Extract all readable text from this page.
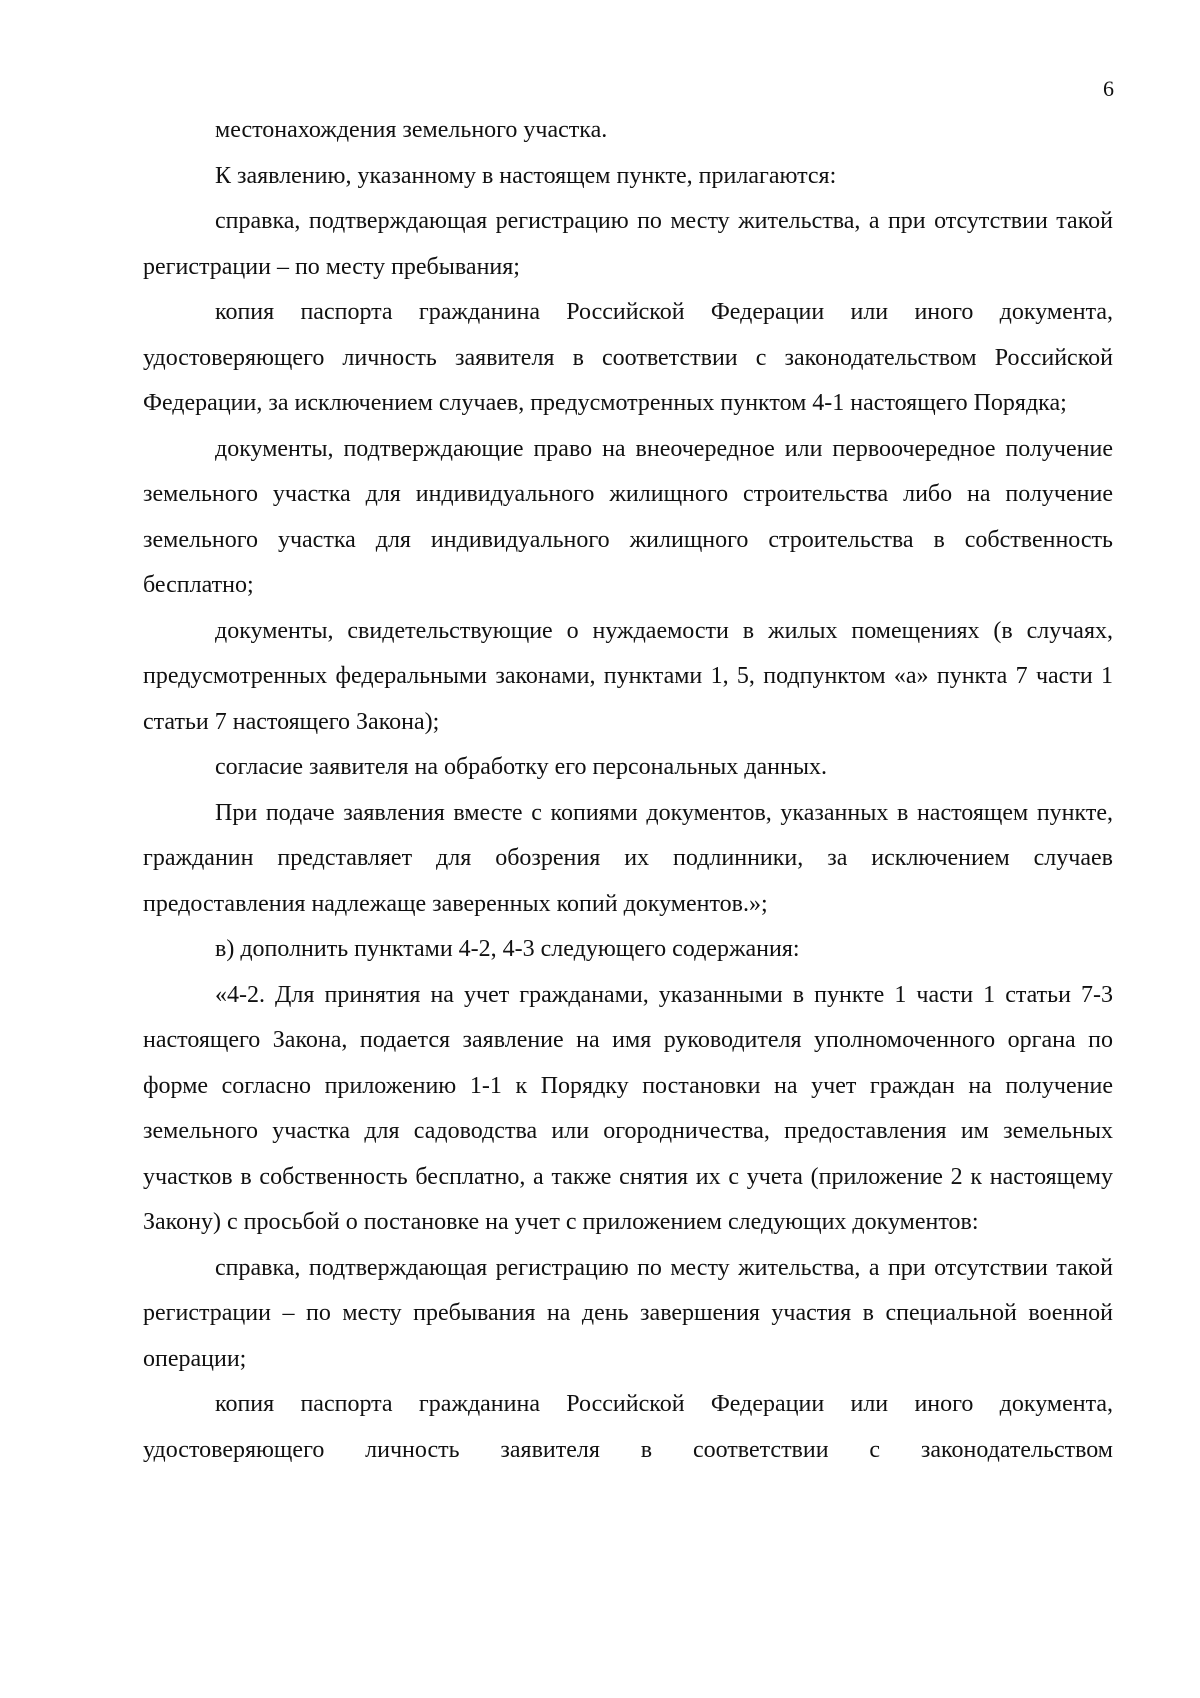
6

местонахождения земельного участка.

К заявлению, указанному в настоящем пункте, прилагаются:

справка, подтверждающая регистрацию по месту жительства, а при отсутствии такой регистрации – по месту пребывания;

копия паспорта гражданина Российской Федерации или иного документа, удостоверяющего личность заявителя в соответствии с законодательством Российской Федерации, за исключением случаев, предусмотренных пунктом 4-1 настоящего Порядка;

документы, подтверждающие право на внеочередное или первоочередное получение земельного участка для индивидуального жилищного строительства либо на получение земельного участка для индивидуального жилищного строительства в собственность бесплатно;

документы, свидетельствующие о нуждаемости в жилых помещениях (в случаях, предусмотренных федеральными законами, пунктами 1, 5, подпунктом «а» пункта 7 части 1 статьи 7 настоящего Закона);

согласие заявителя на обработку его персональных данных.

При подаче заявления вместе с копиями документов, указанных в настоящем пункте, гражданин представляет для обозрения их подлинники, за исключением случаев предоставления надлежаще заверенных копий документов.»;

в) дополнить пунктами 4-2, 4-3 следующего содержания:

«4-2. Для принятия на учет гражданами, указанными в пункте 1 части 1 статьи 7-3 настоящего Закона, подается заявление на имя руководителя уполномоченного органа по форме согласно приложению 1-1 к Порядку постановки на учет граждан на получение земельного участка для садоводства или огородничества, предоставления им земельных участков в собственность бесплатно, а также снятия их с учета (приложение 2 к настоящему Закону) с просьбой о постановке на учет с приложением следующих документов:

справка, подтверждающая регистрацию по месту жительства, а при отсутствии такой регистрации – по месту пребывания на день завершения участия в специальной военной операции;

копия паспорта гражданина Российской Федерации или иного документа, удостоверяющего личность заявителя в соответствии с законодательством
